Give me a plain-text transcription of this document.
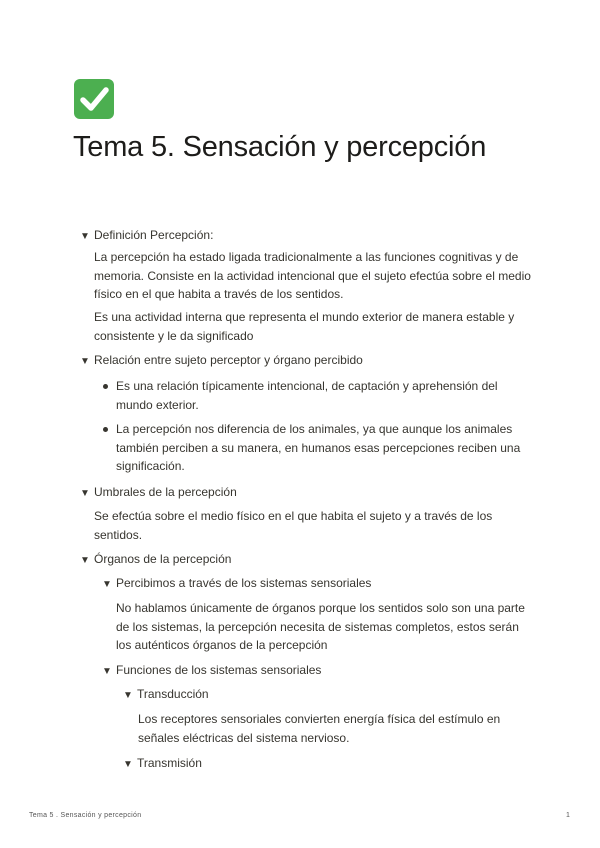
Tema 5. Sensación y percepción
▼ Definición Percepción:

La percepción ha estado ligada tradicionalmente a las funciones cognitivas y de memoria. Consiste en la actividad intencional que el sujeto efectúa sobre el medio físico en el que habita a través de los sentidos.

Es una actividad interna que representa el mundo exterior de manera estable y consistente y le da significado

▼ Relación entre sujeto perceptor y órgano percibido

Es una relación típicamente intencional, de captación y aprehensión del mundo exterior.

La percepción nos diferencia de los animales, ya que aunque los animales también perciben a su manera, en humanos esas percepciones reciben una significación.

▼ Umbrales de la percepción

Se efectúa sobre el medio físico en el que habita el sujeto y a través de los sentidos.

▼ Órganos de la percepción
▼ Percibimos a través de los sistemas sensoriales

No hablamos únicamente de órganos porque los sentidos solo son una parte de los sistemas, la percepción necesita de sistemas completos, estos serán los auténticos órganos de la percepción

▼ Funciones de los sistemas sensoriales
▼ Transducción

Los receptores sensoriales convierten energía física del estímulo en señales eléctricas del sistema nervioso.

▼ Transmisión
Tema 5 . Sensación y percepción	1
